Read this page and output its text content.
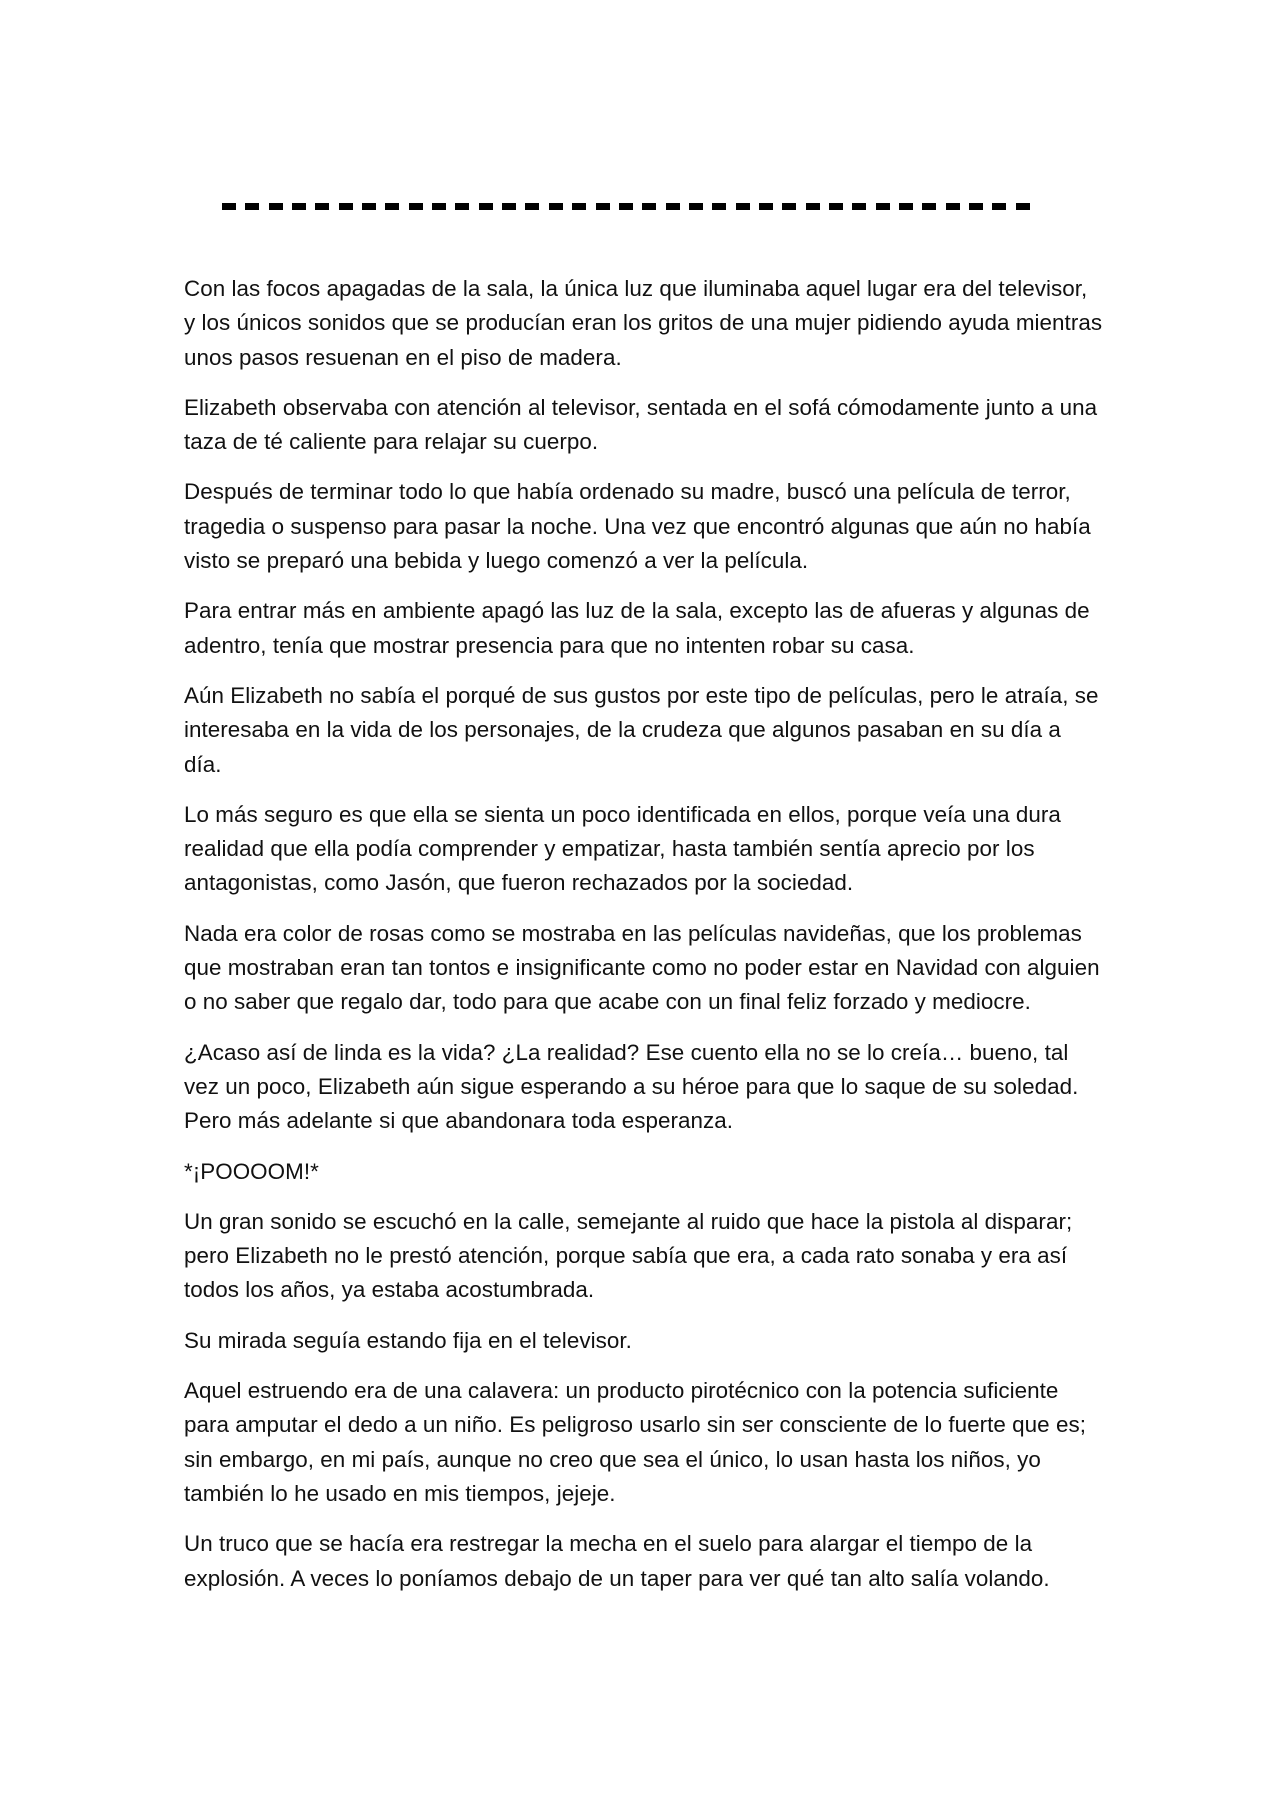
Con las focos apagadas de la sala, la única luz que iluminaba aquel lugar era del televisor, y los únicos sonidos que se producían eran los gritos de una mujer pidiendo ayuda mientras unos pasos resuenan en el piso de madera.

Elizabeth observaba con atención al televisor, sentada en el sofá cómodamente junto a una taza de té caliente para relajar su cuerpo.

Después de terminar todo lo que había ordenado su madre, buscó una película de terror, tragedia o suspenso para pasar la noche. Una vez que encontró algunas que aún no había visto se preparó una bebida y luego comenzó a ver la película.

Para entrar más en ambiente apagó las luz de la sala, excepto las de afueras y algunas de adentro, tenía que mostrar presencia para que no intenten robar su casa.

Aún Elizabeth no sabía el porqué de sus gustos por este tipo de películas, pero le atraía, se interesaba en la vida de los personajes, de la crudeza que algunos pasaban en su día a día.

Lo más seguro es que ella se sienta un poco identificada en ellos, porque veía una dura realidad que ella podía comprender y empatizar, hasta también sentía aprecio por los antagonistas, como Jasón, que fueron rechazados por la sociedad.

Nada era color de rosas como se mostraba en las películas navideñas, que los problemas que mostraban eran tan tontos e insignificante como no poder estar en Navidad con alguien o no saber que regalo dar, todo para que acabe con un final feliz forzado y mediocre.

¿Acaso así de linda es la vida? ¿La realidad? Ese cuento ella no se lo creía… bueno, tal vez un poco, Elizabeth aún sigue esperando a su héroe para que lo saque de su soledad. Pero más adelante si que abandonara toda esperanza.

*¡POOOOM!*

Un gran sonido se escuchó en la calle, semejante al ruido que hace la pistola al disparar; pero Elizabeth no le prestó atención, porque sabía que era, a cada rato sonaba y era así todos los años, ya estaba acostumbrada.

Su mirada seguía estando fija en el televisor.

Aquel estruendo era de una calavera: un producto pirotécnico con la potencia suficiente para amputar el dedo a un niño. Es peligroso usarlo sin ser consciente de lo fuerte que es; sin embargo, en mi país, aunque no creo que sea el único, lo usan hasta los niños, yo también lo he usado en mis tiempos, jejeje.

Un truco que se hacía era restregar la mecha en el suelo para alargar el tiempo de la explosión. A veces lo poníamos debajo de un taper para ver qué tan alto salía volando.
